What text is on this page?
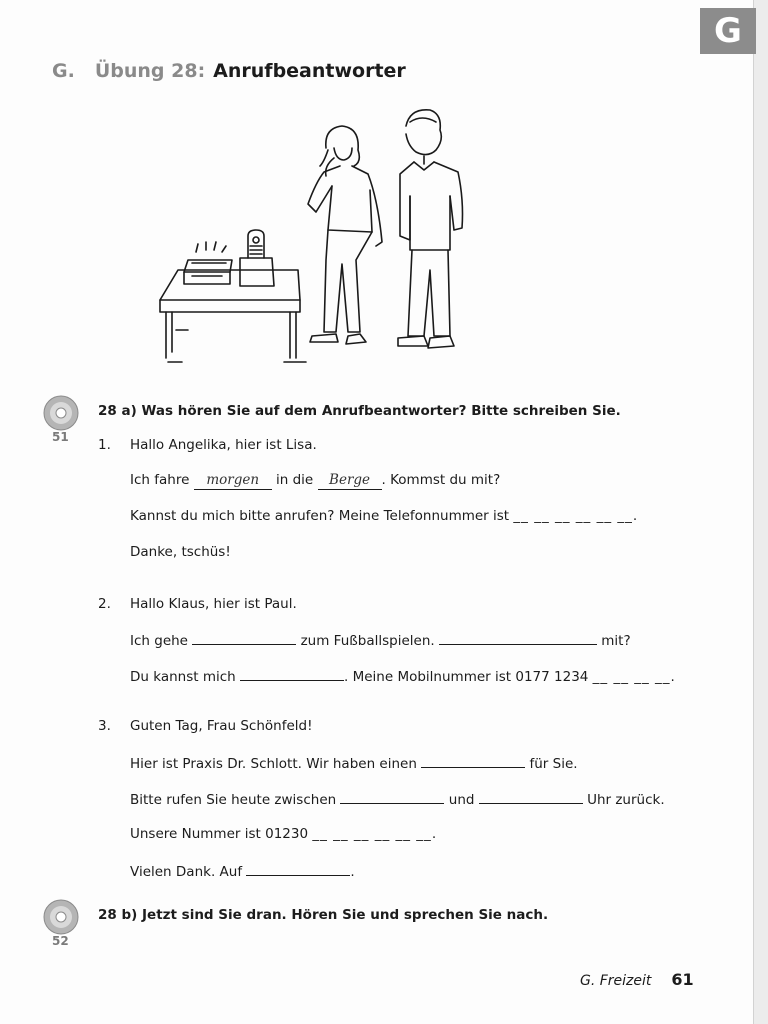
G
G. Übung 28: Anrufbeantworter
51
28 a) Was hören Sie auf dem Anrufbeantworter? Bitte schreiben Sie.
1. Hallo Angelika, hier ist Lisa.
Ich fahre morgen in die Berge . Kommst du mit?
Kannst du mich bitte anrufen? Meine Telefonnummer ist __ __ __ __ __ __.
Danke, tschüs!
2. Hallo Klaus, hier ist Paul.
Ich gehe	zum Fußballspielen.	mit?
Du kannst mich	. Meine Mobilnummer ist 0177 1234 __ __ __ __.
3. Guten Tag, Frau Schönfeld!
Hier ist Praxis Dr. Schlott. Wir haben einen	für Sie.
Bitte rufen Sie heute zwischen	und	Uhr zurück.
Unsere Nummer ist 01230 __ __ __ __ __ __.
Vielen Dank. Auf	.
52
28 b) Jetzt sind Sie dran. Hören Sie und sprechen Sie nach.
G. Freizeit 61
